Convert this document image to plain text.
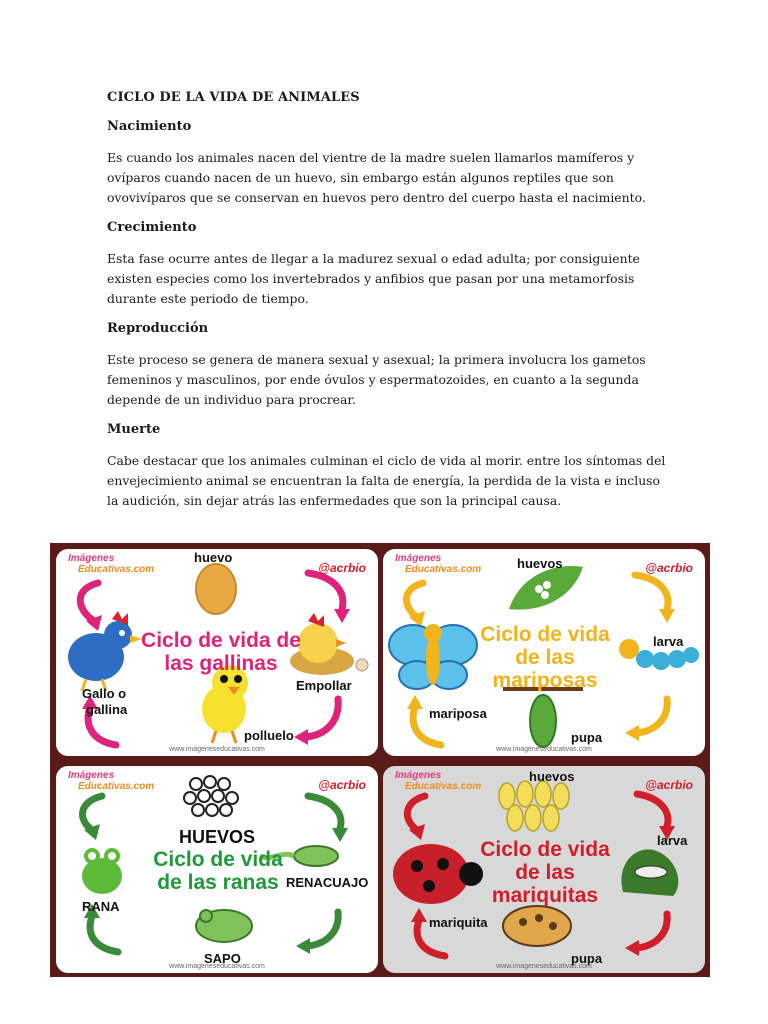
CICLO DE LA VIDA DE ANIMALES

Nacimiento

Es cuando los animales nacen del vientre de la madre suelen llamarlos mamíferos y ovíparos cuando nacen de un huevo, sin embargo están algunos reptiles que son ovovivíparos que se conservan en huevos pero dentro del cuerpo hasta el nacimiento.

Crecimiento

Esta fase ocurre antes de llegar a la madurez sexual o edad adulta; por consiguiente existen especies como los invertebrados y anfibios que pasan por una metamorfosis durante este periodo de tiempo.

Reproducción

Este proceso se genera de manera sexual y asexual; la primera involucra los gametos femeninos y masculinos, por ende óvulos y espermatozoides, en cuanto a la segunda depende de un individuo para procrear.

Muerte

Cabe destacar que los animales culminan el ciclo de vida al morir. entre los síntomas del envejecimiento animal se encuentran la falta de energía, la perdida de la vista e incluso la audición, sin dejar atrás las enfermedades que son la principal causa.

Ciclo de vida de
las gallinas
Imágenes
Educativas.com	@acrbio
huevo
Empollar
polluelo
Gallo o
gallina
www.imageneseducativas.com
Ciclo de vida
de las
mariposas
Imágenes
Educativas.com	@acrbio
huevos
larva
pupa
mariposa
www.imageneseducativas.com
HUEVOS
Ciclo de vida
de las ranas
Imágenes
Educativas.com	@acrbio
RENACUAJO
SAPO
RANA
www.imageneseducativas.com
Ciclo de vida
de las
mariquitas
Imágenes
Educativas.com	@acrbio
huevos
larva
pupa
mariquita
www.imageneseducativas.com
